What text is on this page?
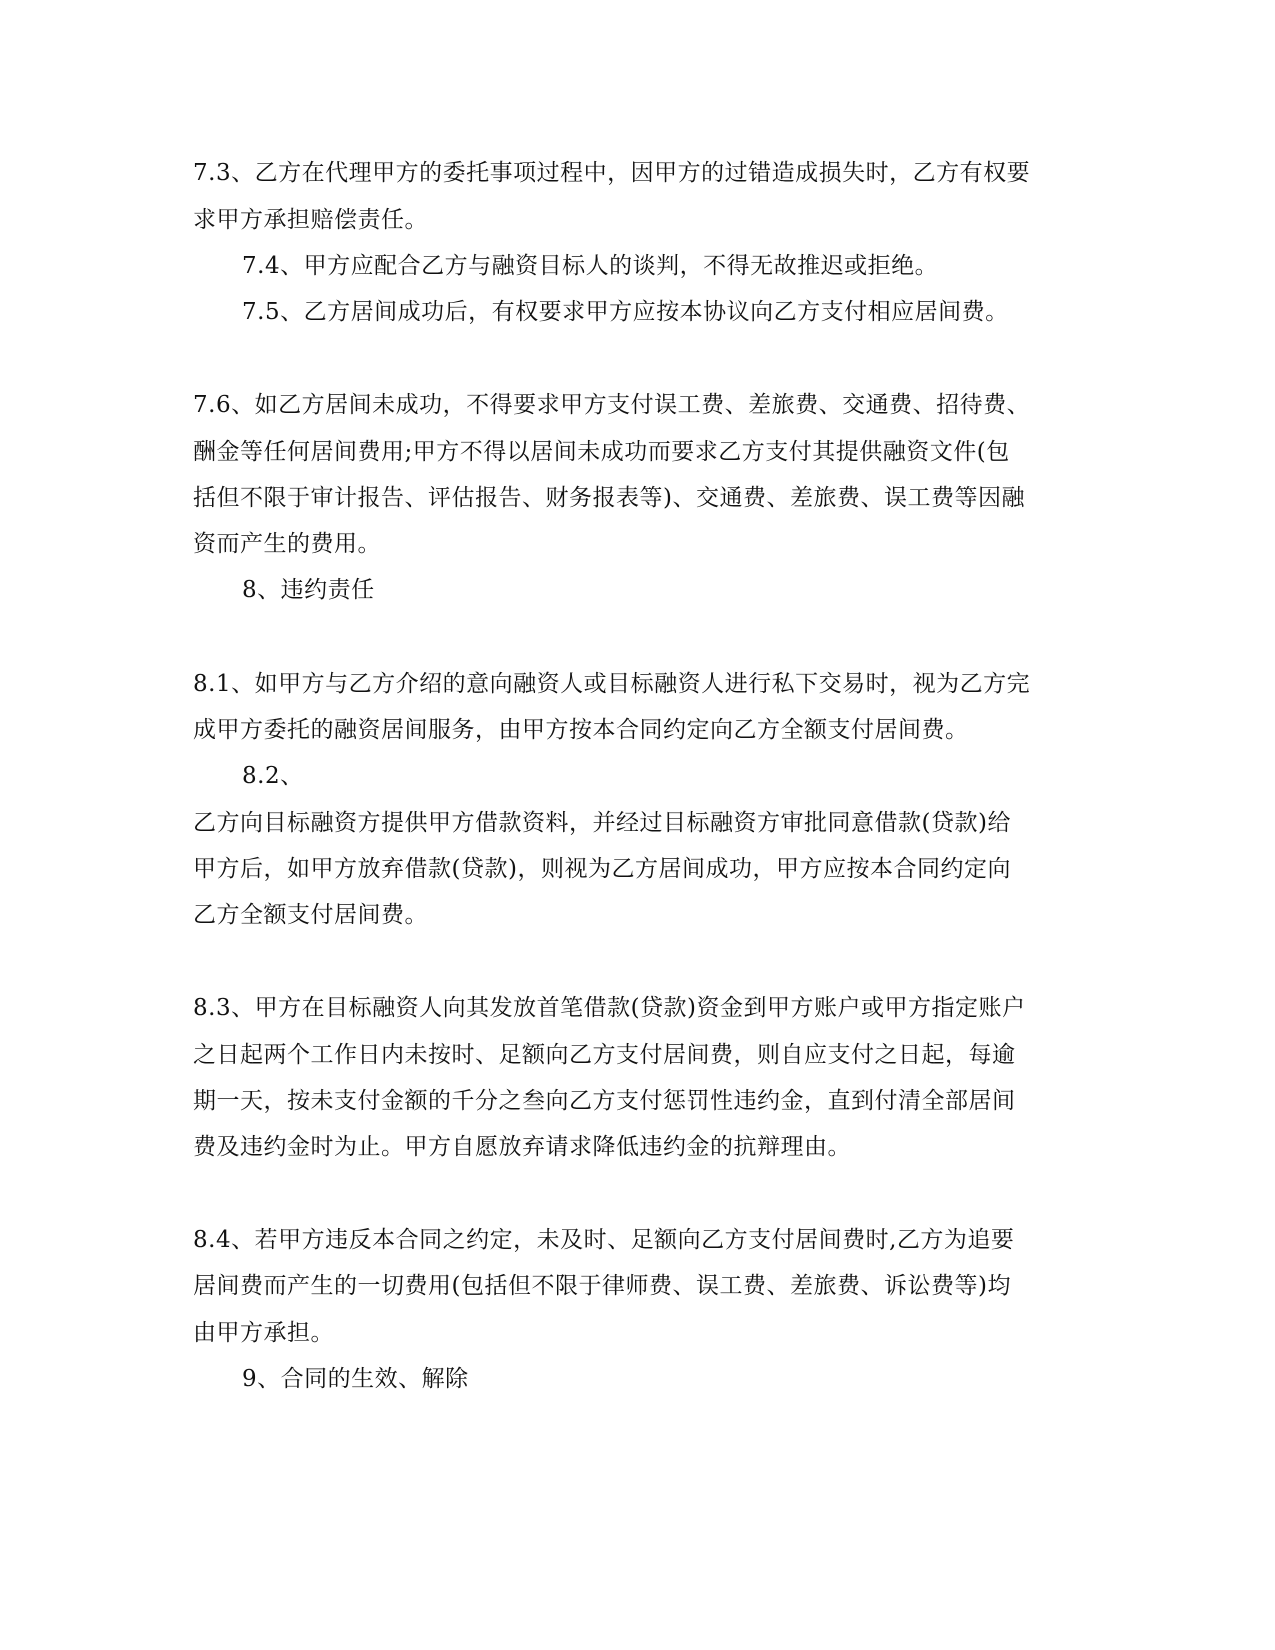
7.3、乙方在代理甲方的委托事项过程中，因甲方的过错造成损失时，乙方有权要
求甲方承担赔偿责任。
7.4、甲方应配合乙方与融资目标人的谈判，不得无故推迟或拒绝。
7.5、乙方居间成功后，有权要求甲方应按本协议向乙方支付相应居间费。
7.6、如乙方居间未成功，不得要求甲方支付误工费、差旅费、交通费、招待费、
酬金等任何居间费用;甲方不得以居间未成功而要求乙方支付其提供融资文件(包
括但不限于审计报告、评估报告、财务报表等)、交通费、差旅费、误工费等因融
资而产生的费用。
8、违约责任
8.1、如甲方与乙方介绍的意向融资人或目标融资人进行私下交易时，视为乙方完
成甲方委托的融资居间服务，由甲方按本合同约定向乙方全额支付居间费。
8.2、
乙方向目标融资方提供甲方借款资料，并经过目标融资方审批同意借款(贷款)给
甲方后，如甲方放弃借款(贷款)，则视为乙方居间成功，甲方应按本合同约定向
乙方全额支付居间费。
8.3、甲方在目标融资人向其发放首笔借款(贷款)资金到甲方账户或甲方指定账户
之日起两个工作日内未按时、足额向乙方支付居间费，则自应支付之日起，每逾
期一天，按未支付金额的千分之叁向乙方支付惩罚性违约金，直到付清全部居间
费及违约金时为止。甲方自愿放弃请求降低违约金的抗辩理由。
8.4、若甲方违反本合同之约定，未及时、足额向乙方支付居间费时,乙方为追要
居间费而产生的一切费用(包括但不限于律师费、误工费、差旅费、诉讼费等)均
由甲方承担。
9、合同的生效、解除
